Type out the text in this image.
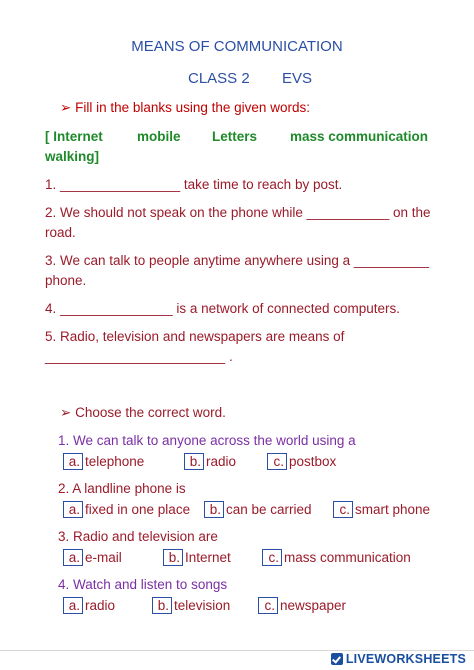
MEANS OF COMMUNICATION
CLASS 2 EVS
➢ Fill in the blanks using the given words:
[ Internet	mobile Letters mass communication
walking]
1. ________________ take time to reach by post.
2. We should not speak on the phone while ___________ on the
road.
3. We can talk to people anytime anywhere using a __________
phone.
4. _______________ is a network of connected computers.
5. Radio, television and newspapers are means of
________________________ .
➢ Choose the correct word.
1. We can talk to anyone across the world using a
a. telephone	b. radio	c. postbox
2. A landline phone is
a. fixed in one place	b. can be carried	c. smart phone
3. Radio and television are
a. e-mail	b. Internet	c. mass communication
4. Watch and listen to songs
a. radio	b. television	c. newspaper
LIVEWORKSHEETS
